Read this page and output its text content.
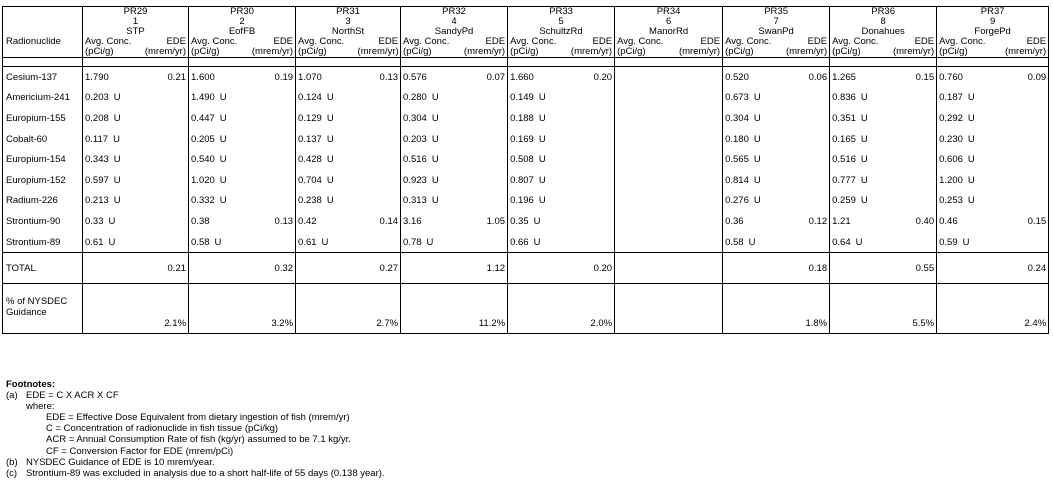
	PR29		PR30		PR31		PR32		PR33		PR34		PR35		PR36		PR37	
	1		2		3		4		5		6		7		8		9	
	STP		EofFB		NorthSt		SandyPd		SchultzRd		ManorRd		SwanPd		Donahues		ForgePd	
Radionuclide	Avg. Conc.	EDE	Avg. Conc.	EDE	Avg. Conc.	EDE	Avg. Conc.	EDE	Avg. Conc.	EDE	Avg. Conc.	EDE	Avg. Conc.	EDE	Avg. Conc.	EDE	Avg. Conc.	EDE
	(pCi/g)	(mrem/yr)	(pCi/g)	(mrem/yr)	(pCi/g)	(mrem/yr)	(pCi/g)	(mrem/yr)	(pCi/g)	(mrem/yr)	(pCi/g)	(mrem/yr)	(pCi/g)	(mrem/yr)	(pCi/g)	(mrem/yr)	(pCi/g)	(mrem/yr)

Cesium-137	1.790	0.21	1.600	0.19	1.070	0.13	0.576	0.07	1.660	0.20			0.520	0.06	1.265	0.15	0.760	0.09
Americium-241	0.203 U		1.490 U		0.124 U		0.280 U		0.149 U				0.673 U		0.836 U		0.187 U	
Europium-155	0.208 U		0.447 U		0.129 U		0.304 U		0.188 U				0.304 U		0.351 U		0.292 U	
Cobalt-60	0.117 U		0.205 U		0.137 U		0.203 U		0.169 U				0.180 U		0.165 U		0.230 U	
Europium-154	0.343 U		0.540 U		0.428 U		0.516 U		0.508 U				0.565 U		0.516 U		0.606 U	
Europium-152	0.597 U		1.020 U		0.704 U		0.923 U		0.807 U				0.814 U		0.777 U		1.200 U	
Radium-226	0.213 U		0.332 U		0.238 U		0.313 U		0.196 U				0.276 U		0.259 U		0.253 U	
Strontium-90	0.33 U		0.38	0.13	0.42	0.14	3.16	1.05	0.35 U				0.36	0.12	1.21	0.40	0.46	0.15
Strontium-89	0.61 U		0.58 U		0.61 U		0.78 U		0.66 U				0.58 U		0.64 U		0.59 U	
TOTAL		0.21		0.32		0.27		1.12		0.20				0.18		0.55		0.24

% of NYSDEC
Guidance		2.1%		3.2%		2.7%		11.2%		2.0%				1.8%		5.5%		2.4%
Footnotes:
(a) EDE = C X ACR X CF
where:
EDE = Effective Dose Equivalent from dietary ingestion of fish (mrem/yr)
C = Concentration of radionuclide in fish tissue (pCi/kg)
ACR = Annual Consumption Rate of fish (kg/yr) assumed to be 7.1 kg/yr.
CF = Conversion Factor for EDE (mrem/pCi)
(b) NYSDEC Guidance of EDE is 10 mrem/year.
(c) Strontium-89 was excluded in analysis due to a short half-life of 55 days (0.138 year).
